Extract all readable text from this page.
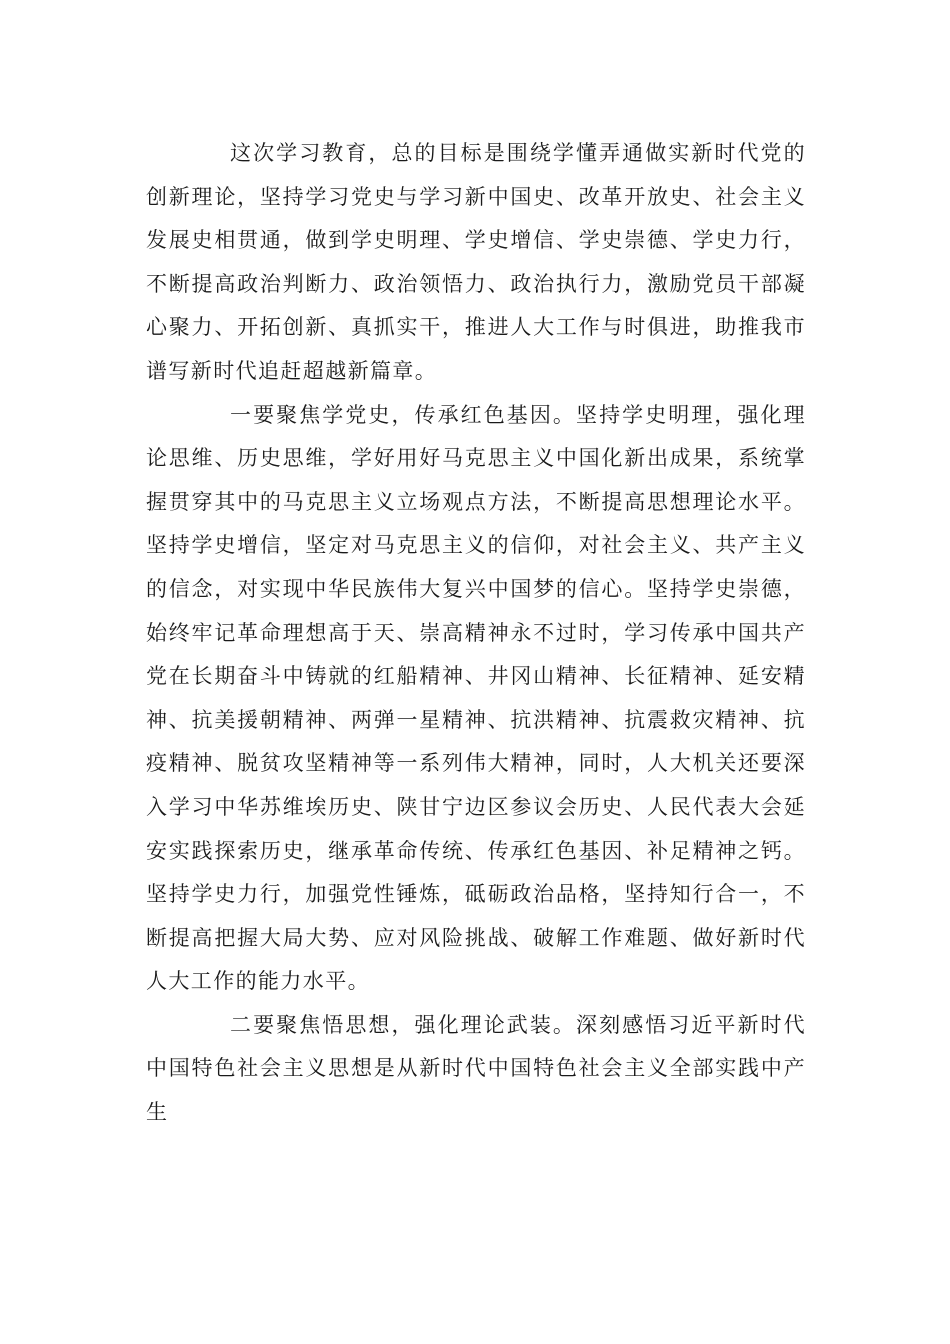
这次学习教育，总的目标是围绕学懂弄通做实新时代党的创新理论，坚持学习党史与学习新中国史、改革开放史、社会主义发展史相贯通，做到学史明理、学史增信、学史崇德、学史力行，不断提高政治判断力、政治领悟力、政治执行力，激励党员干部凝心聚力、开拓创新、真抓实干，推进人大工作与时俱进，助推我市谱写新时代追赶超越新篇章。

一要聚焦学党史，传承红色基因。坚持学史明理，强化理论思维、历史思维，学好用好马克思主义中国化新出成果，系统掌握贯穿其中的马克思主义立场观点方法，不断提高思想理论水平。坚持学史增信，坚定对马克思主义的信仰，对社会主义、共产主义的信念，对实现中华民族伟大复兴中国梦的信心。坚持学史崇德，始终牢记革命理想高于天、崇高精神永不过时，学习传承中国共产党在长期奋斗中铸就的红船精神、井冈山精神、长征精神、延安精神、抗美援朝精神、两弹一星精神、抗洪精神、抗震救灾精神、抗疫精神、脱贫攻坚精神等一系列伟大精神，同时，人大机关还要深入学习中华苏维埃历史、陕甘宁边区参议会历史、人民代表大会延安实践探索历史，继承革命传统、传承红色基因、补足精神之钙。坚持学史力行，加强党性锤炼，砥砺政治品格，坚持知行合一，不断提高把握大局大势、应对风险挑战、破解工作难题、做好新时代人大工作的能力水平。

二要聚焦悟思想，强化理论武装。深刻感悟习近平新时代中国特色社会主义思想是从新时代中国特色社会主义全部实践中产生
